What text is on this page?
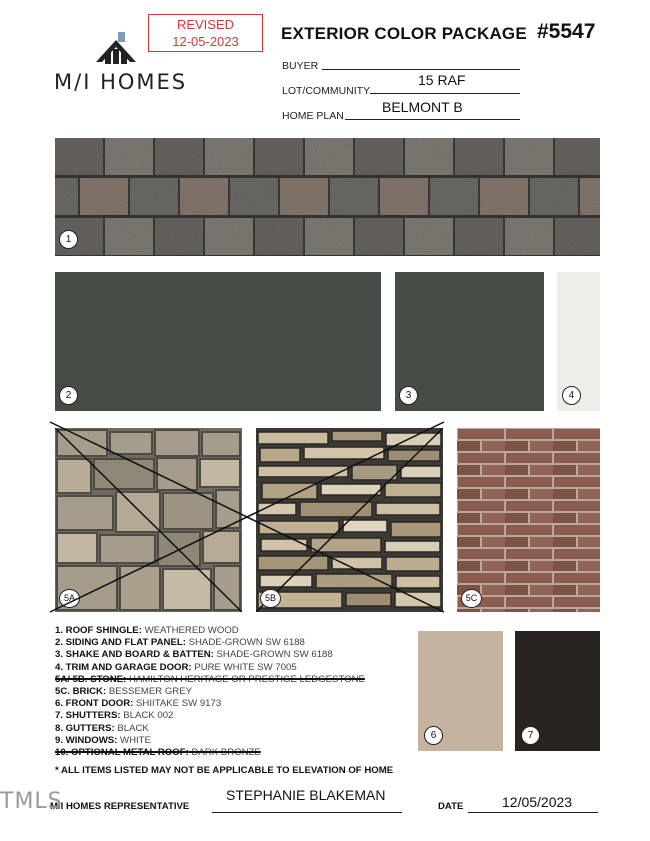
M/I HOMES
REVISED
12-05-2023	EXTERIOR COLOR PACKAGE #5547
BUYER
LOT/COMMUNITY
15 RAF
HOME PLAN
BELMONT B
1
2	3	4
5A	5B	5C
6	7
1. ROOF SHINGLE: WEATHERED WOOD
2. SIDING AND FLAT PANEL: SHADE-GROWN SW 6188
3. SHAKE AND BOARD & BATTEN: SHADE-GROWN SW 6188
4. TRIM AND GARAGE DOOR: PURE WHITE SW 7005
5A/ 5B. STONE: HAMILTON HERITAGE OR PRESTIGE LEDGESTONE
5C. BRICK: BESSEMER GREY
6. FRONT DOOR: SHIITAKE SW 9173
7. SHUTTERS: BLACK 002
8. GUTTERS: BLACK
9. WINDOWS: WHITE
10. OPTIONAL METAL ROOF: DARK BRONZE
* ALL ITEMS LISTED MAY NOT BE APPLICABLE TO ELEVATION OF HOME
M/I HOMES REPRESENTATIVE
TMLS	STEPHANIE BLAKEMAN
DATE	12/05/2023
